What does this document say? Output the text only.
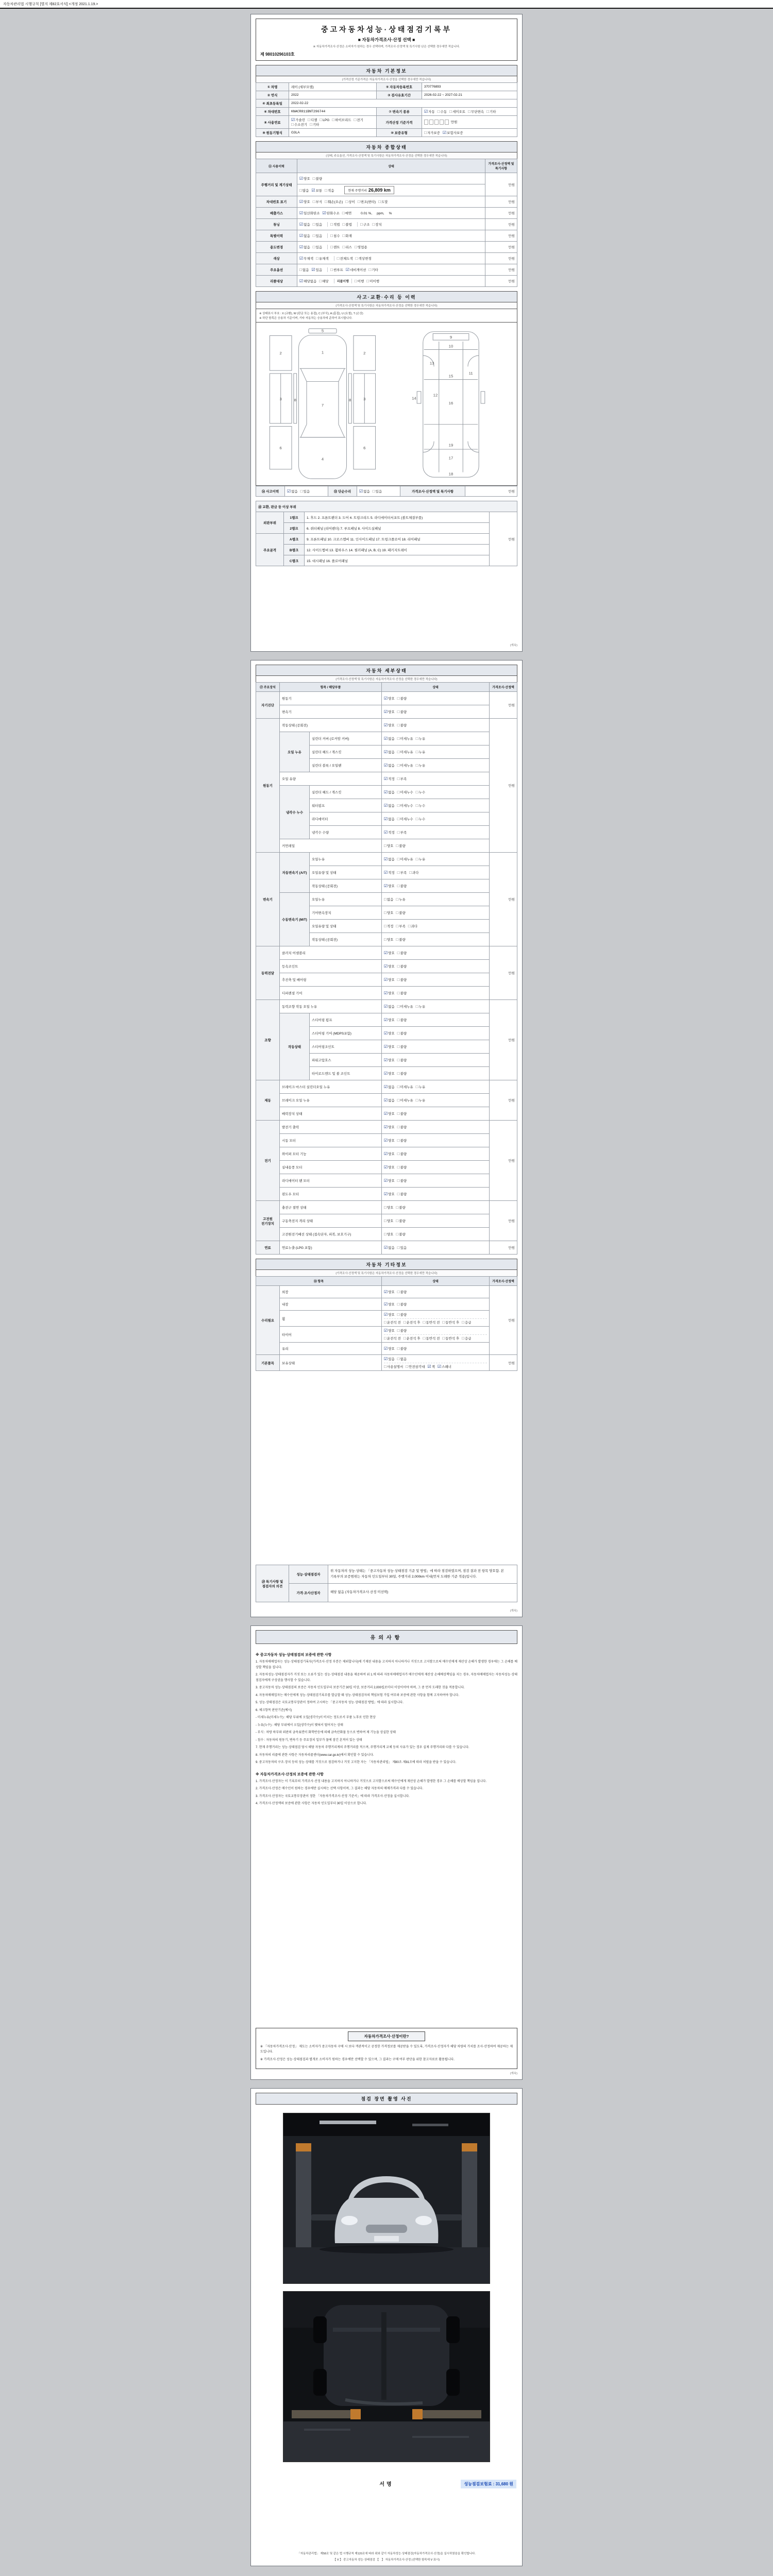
자동차관리법 시행규칙 [별지 제82호서식] <개정 2021.1.19.>
중고자동차성능·상태점검기록부
■ 자동차가격조사·산정 선택 ■
※ 자동차가격조사·산정은 소비자가 원하는 경우 선택하며, 가격조사·산정액 및 특기사항 난은 선택한 경우에만 적습니다.
제 98010296103호
자동차 기본정보
(가격산정 기준가격은 자동차가격조사·산정을 선택한 경우에만 적습니다)
① 차명	레이 (세부모델)	⑤ 자동차등록번호	370776893
② 연식	2022	③ 검사유효기간	2026-02-22 ~ 2027-02-21
④ 최초등록일	2022-02-22		
⑥ 차대번호	KNACR811BNT296744	⑦ 변속기 종류	☑자동 □수동 □세미오토 □무단변속 □기타
⑧ 사용연료	☑가솔린 □디젤 □LPG □하이브리드 □전기□수소전기 □기타	가격산정 기준가격	만원
⑨ 원동기형식	G3LA	⑩ 보증유형	□자가보증 ☑보험사보증
자동차 종합상태
(상태, 주요옵션, 가격조사·산정액 및 특기사항은 자동차가격조사·산정을 선택한 경우에만 적습니다)
⑪ 사용이력	상태	가격조사·산정액 및 특기사항
주행거리 및 계기상태	☑양호 □불량	만원
	□많음 ☑보통 □적음 현재 주행거리 26,809 km	
차대번호 표기	☑양호 □부식 □훼손(오손) □상이 □변조(변타) □도말	만원
배출가스	☑일산화탄소 ☑탄화수소 □매연 0.01 %,     ppm,     %	만원
튜닝	☑없음 □있음 □적법 □불법 □구조 □장치	만원
특별이력	☑없음 □있음 □침수 □화재	만원
용도변경	☑없음 □있음 □렌트 □리스 □영업용	만원
색상	☑무채색 □유채색 □전체도색 □색상변경	만원
주요옵션	□없음 ☑있음 □썬루프 ☑네비게이션 □기타	만원
리콜대상	☑해당없음 □해당 리콜이행 □이행 □미이행	만원
사고·교환·수리 등 이력
(가격조사·산정액 및 특기사항은 자동차가격조사·산정을 선택한 경우에만 적습니다)
※ 상태표시 부호 : X (교환), W (판금 또는 용접), C (부식), A (흠집), U (요철), T (손상)
※ 하단 항목은 승용차 기준이며, 기타 자동차는 승용차에 준하여 표시합니다.
5
1
7
4
2
3
6
8
2
3
6
8
9
10
11
12
13
14
15
16
17
18
19
⑭ 사고이력	☑없음 □있음	⑮ 단순수리	☑없음 □있음	가격조사·산정액 및 특기사항	만원
⑯ 교환, 판금 등 이상 부위			
외판부위	1랭크	1. 후드 2. 프론트펜더 3. 도어 4. 트렁크리드 5. 라디에이터서포트 (볼트체결부품)	만원
	2랭크	6. 쿼터패널 (리어펜더) 7. 루프패널 8. 사이드실패널	
주요골격	A랭크	9. 프론트패널 10. 크로스멤버 11. 인사이드패널 17. 트렁크플로어 18. 리어패널	
	B랭크	12. 사이드멤버 13. 휠하우스 14. 필러패널 (A, B, C) 19. 패키지트레이	
	C랭크	15. 대시패널 16. 플로어패널	
(계속)
자동차 세부상태
(가격조사·산정액 및 특기사항은 자동차가격조사·산정을 선택한 경우에만 적습니다)
⑰ 주요장치	항목 / 해당부품		상태	가격조사·산정액
자기진단	원동기		☑양호 □불량	만원
	변속기		☑양호 □불량	
원동기	작동상태 (공회전)		☑양호 □불량	만원
	오일 누유	실린더 커버 (로커암 커버)	☑없음 □미세누유 □누유	
		실린더 헤드 / 개스킷	☑없음 □미세누유 □누유	
		실린더 블록 / 오일팬	☑없음 □미세누유 □누유	
	오일 유량		☑적정 □부족	
	냉각수 누수	실린더 헤드 / 개스킷	☑없음 □미세누수 □누수	
		워터펌프	☑없음 □미세누수 □누수	
		라디에이터	☑없음 □미세누수 □누수	
		냉각수 수량	☑적정 □부족	
	커먼레일		□양호 □불량	
변속기	자동변속기 (A/T)	오일누유	☑없음 □미세누유 □누유	만원
		오일유량 및 상태	☑적정 □부족 □과다	
		작동상태 (공회전)	☑양호 □불량	
	수동변속기 (M/T)	오일누유	□없음 □누유	
		기어변속장치	□양호 □불량	
		오일유량 및 상태	□적정 □부족 □과다	
		작동상태 (공회전)	□양호 □불량	
동력전달	클러치 어셈블리		☑양호 □불량	만원
	등속조인트		☑양호 □불량	
	추진축 및 베어링		☑양호 □불량	
	디퍼렌셜 기어		☑양호 □불량	
조향	동력조향 작동 오일 누유		☑없음 □미세누유 □누유	만원
	작동상태	스티어링 펌프	☑양호 □불량	
		스티어링 기어 (MDPS포함)	☑양호 □불량	
		스티어링조인트	☑양호 □불량	
		파워고압호스	☑양호 □불량	
		타이로드엔드 및 볼 조인트	☑양호 □불량	
제동	브레이크 마스터 실린더오일 누유		☑없음 □미세누유 □누유	만원
	브레이크 오일 누유		☑없음 □미세누유 □누유	
	배력장치 상태		☑양호 □불량	
전기	발전기 출력		☑양호 □불량	만원
	시동 모터		☑양호 □불량	
	와이퍼 모터 기능		☑양호 □불량	
	실내송풍 모터		☑양호 □불량	
	라디에이터 팬 모터		☑양호 □불량	
	윈도우 모터		☑양호 □불량	
고전원 전기장치	충전구 절연 상태		□양호 □불량	만원
	구동축전지 격리 상태		□양호 □불량	
	고전원전기배선 상태 (접속단자, 피복, 보호기구)		□양호 □불량	
연료	연료누출 (LPG 포함)		☑없음 □있음	만원
자동차 기타정보
(가격조사·산정액 및 특기사항은 자동차가격조사·산정을 선택한 경우에만 적습니다)
⑱ 항목		상태	가격조사·산정액
수리필요	외장	☑양호 □불량	만원
	내장	☑양호 □불량	
	휠	☑양호 □불량
□운전석 전 □운전석 후 □동반석 전 □동반석 후 □응급	

	타이어	☑양호 □불량
□운전석 전 □운전석 후 □동반석 전 □동반석 후 □응급	

	유리	☑양호 □불량	
기본품목	보유상태	☑있음 □없음
□사용설명서 □안전삼각대 ☑잭 ☑스패너	만원
⑲ 특기사항 및 점검자의 의견	성능·상태점검자	위 자동차의 성능·상태는 「중고자동차 성능·상태점검 기준 및 방법」에 따라 점검하였으며, 점검 결과 전 항목 양호함. 본 기록부의 보증범위는 자동차 인도일부터 30일, 주행거리 2,000km 이내(먼저 도래한 기준 적용)입니다.
	가격·조사산정자	해당 없음 (자동차가격조사·산정 미선택)
(계속)
유의사항
※ 중고자동차 성능·상태점검의 보증에 관한 사항
1. 자동차매매업자는 성능·상태점검기록부(가격조사·산정 부분은 제외합니다)에 기재된 내용을 고지하지 아니하거나 거짓으로 고지함으로써 매수인에게 재산상 손해가 발생한 경우에는 그 손해를 배상할 책임을 집니다.
2. 자동차성능·상태점검자가 거짓 또는 오류가 있는 성능·상태점검 내용을 제공하여 위 1.에 따라 자동차매매업자가 매수인에게 재산상 손해배상책임을 지는 경우, 자동차매매업자는 자동차성능·상태점검자에게 구상권을 행사할 수 있습니다.
3. 중고자동차 성능·상태점검의 보증은 자동차 인도일부터 보증기간 30일 이상, 보증거리 2,000킬로미터 이상이어야 하며, 그 중 먼저 도래한 것을 적용합니다.
4. 자동차매매업자는 매수인에게 성능·상태점검기록부를 발급할 때 성능·상태점검자의 책임보험 가입 여부와 보증에 관한 사항을 함께 고지하여야 합니다.
5. 성능·상태점검은 국토교통부장관이 정하여 고시하는 「중고자동차 성능·상태점검 방법」에 따라 실시합니다.
6. 체크항목 판단기준(예시)
- 미세누유(미세누수) : 해당 부위에 오일(냉각수)이 비치는 정도로서 부품 노후로 인한 현상
- 누유(누수) : 해당 부위에서 오일(냉각수)이 맺혀서 떨어지는 상태
- 부식 : 차량 하부와 외판의 금속표면이 화학반응에 의해 금속산화물 등으로 변하여 제 기능을 상실한 상태
- 침수 : 자동차의 원동기, 변속기 등 주요장치 일부가 물에 잠긴 흔적이 있는 상태
7. 현재 주행거리는 성능·상태점검 당시 해당 자동차 주행거리계의 주행거리를 적으며, 주행거리계 교체 등의 사유가 있는 경우 실제 주행거리와 다를 수 있습니다.
8. 자동차의 리콜에 관한 사항은 자동차리콜센터(www.car.go.kr)에서 확인할 수 있습니다.
9. 중고자동차의 구조·장치 등의 성능·상태를 거짓으로 점검하거나 거짓 고지한 자는 「자동차관리법」 제80조·제81조에 따라 처벌을 받을 수 있습니다.
※ 자동차가격조사·산정의 보증에 관한 사항
1. 가격조사·산정자는 이 기록부의 가격조사·산정 내용을 고지하지 아니하거나 거짓으로 고지함으로써 매수인에게 재산상 손해가 발생한 경우 그 손해를 배상할 책임을 집니다.
2. 가격조사·산정은 매수인이 원하는 경우에만 실시하는 선택 사항이며, 그 결과는 해당 자동차의 매매가격과 다를 수 있습니다.
3. 가격조사·산정자는 국토교통부장관이 정한 「자동차가격조사·산정 기준서」에 따라 가격조사·산정을 실시합니다.
4. 가격조사·산정액의 보증에 관한 사항은 자동차 인도일부터 30일 이상으로 합니다.
자동차가격조사·산정이란?
※ 「자동차가격조사·산정」 제도는 소비자가 중고자동차 구매 시 보다 객관적이고 공정한 가격정보를 제공받을 수 있도록, 가격조사·산정자가 해당 차량의 가치를 조사·산정하여 제공하는 제도입니다.
※ 가격조사·산정은 성능·상태점검과 별개로 소비자가 원하는 경우에만 선택할 수 있으며, 그 결과는 구매 여부 판단을 위한 참고자료로 활용됩니다.
(계속)
점검 장면 촬영 사진
서명	성능점검보험료 : 31,680 원
「자동차관리법」 제58조 및 같은 법 시행규칙 제120조에 따라 위와 같이 자동차성능·상태점검(자동차가격조사·산정)을 실시하였음을 확인합니다.
【 Ⅴ 】 중고자동차 성능·상태점검 【　】 자동차가격조사·산정 (선택한 항목에 Ⅴ 표시)
